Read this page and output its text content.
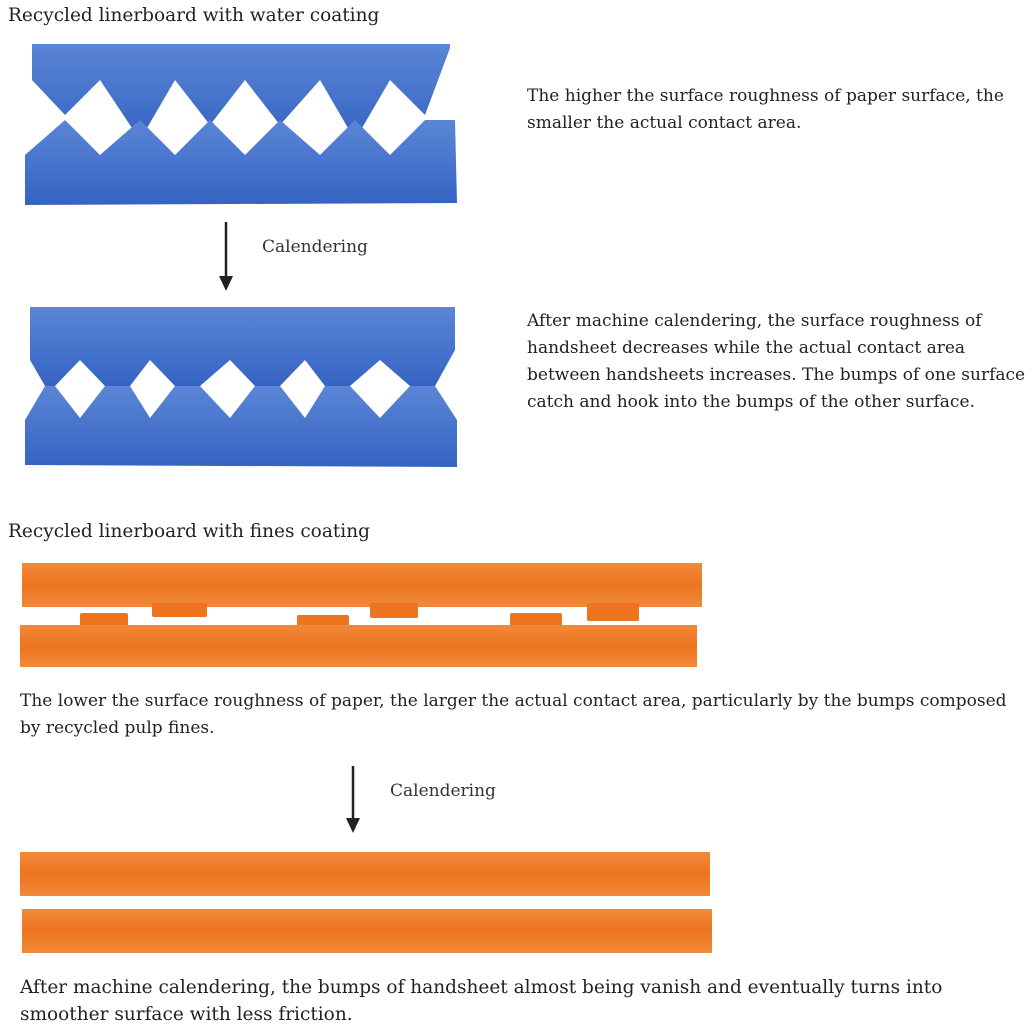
Recycled linerboard with water coating

The higher the surface roughness of paper surface, the smaller the actual contact area.

Calendering

After machine calendering, the surface roughness of handsheet decreases while the actual contact area between handsheets increases. The bumps of one surface catch and hook into the bumps of the other surface.

Recycled linerboard with fines coating

The lower the surface roughness of paper, the larger the actual contact area, particularly by the bumps composed by recycled pulp fines.

Calendering

After machine calendering, the bumps of handsheet almost being vanish and eventually turns into smoother surface with less friction.
